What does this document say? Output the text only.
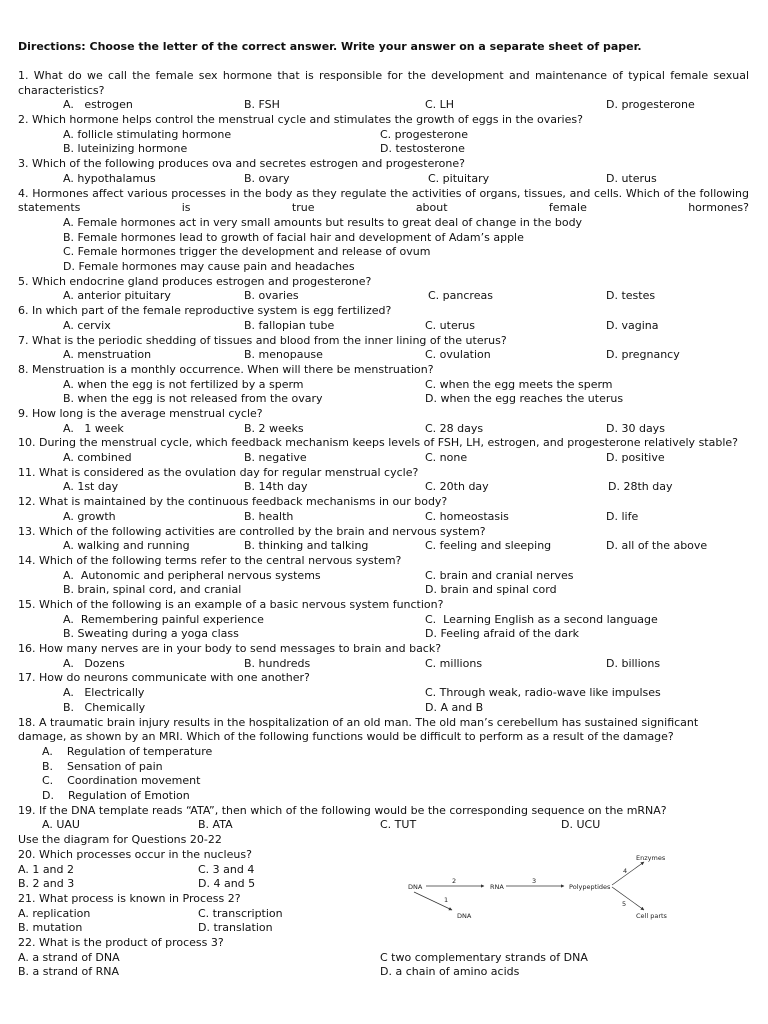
Directions: Choose the letter of the correct answer. Write your answer on a separate sheet of paper.
1. What do we call the female sex hormone that is responsible for the development and maintenance of typical female sexual characteristics?
A.   estrogen	B. FSH	C. LH	D. progesterone
2. Which hormone helps control the menstrual cycle and stimulates the growth of eggs in the ovaries?
A. follicle stimulating hormone	C. progesterone
B. luteinizing hormone	D. testosterone
3. Which of the following produces ova and secretes estrogen and progesterone?
A. hypothalamus	B. ovary	C. pituitary	D. uterus
4. Hormones affect various processes in the body as they regulate the activities of organs, tissues, and cells. Which of the following statements is true about female hormones?
A. Female hormones act in very small amounts but results to great deal of change in the body
B. Female hormones lead to growth of facial hair and development of Adam’s apple
C. Female hormones trigger the development and release of ovum
D. Female hormones may cause pain and headaches
5. Which endocrine gland produces estrogen and progesterone?
A. anterior pituitary	B. ovaries	C. pancreas	D. testes
6. In which part of the female reproductive system is egg fertilized?
A. cervix	B. fallopian tube	C. uterus	D. vagina
7. What is the periodic shedding of tissues and blood from the inner lining of the uterus?
A. menstruation	B. menopause	C. ovulation	D. pregnancy
8. Menstruation is a monthly occurrence. When will there be menstruation?
A. when the egg is not fertilized by a sperm	C. when the egg meets the sperm
B. when the egg is not released from the ovary	D. when the egg reaches the uterus
9. How long is the average menstrual cycle?
A.   1 week	B. 2 weeks	C. 28 days	D. 30 days
10. During the menstrual cycle, which feedback mechanism keeps levels of FSH, LH, estrogen, and progesterone relatively stable?
A. combined	B. negative	C. none	D. positive
11. What is considered as the ovulation day for regular menstrual cycle?
A. 1st day	B. 14th day	C. 20th day	D. 28th day
12. What is maintained by the continuous feedback mechanisms in our body?
A. growth	B. health	C. homeostasis	D. life
13. Which of the following activities are controlled by the brain and nervous system?
A. walking and running	B. thinking and talking	C. feeling and sleeping	D. all of the above
14. Which of the following terms refer to the central nervous system?
A.  Autonomic and peripheral nervous systems	C. brain and cranial nerves
B. brain, spinal cord, and cranial	D. brain and spinal cord
15. Which of the following is an example of a basic nervous system function?
A.  Remembering painful experience	C.  Learning English as a second language
B. Sweating during a yoga class	D. Feeling afraid of the dark
16. How many nerves are in your body to send messages to brain and back?
A.   Dozens	B. hundreds	C. millions	D. billions
17. How do neurons communicate with one another?
A.   Electrically	C. Through weak, radio-wave like impulses
B.   Chemically	D. A and B
18. A traumatic brain injury results in the hospitalization of an old man. The old man’s cerebellum has sustained significant damage, as shown by an MRI. Which of the following functions would be difficult to perform as a result of the damage?
A.    Regulation of temperature
B.    Sensation of pain
C.    Coordination movement
D.    Regulation of Emotion
19. If the DNA template reads “ATA”, then which of the following would be the corresponding sequence on the mRNA?
A. UAU	B. ATA	C. TUT	D. UCU
Use the diagram for Questions 20-22
20. Which processes occur in the nucleus?
A. 1 and 2	C. 3 and 4
B. 2 and 3	D. 4 and 5
21. What process is known in Process 2?
A. replication	C. transcription
B. mutation	D. translation
22. What is the product of process 3?
A. a strand of DNA	C two complementary strands of DNA
B. a strand of RNA	D. a chain of amino acids
DNA
2
RNA
3
Polypeptides
1
DNA
4
Enzymes
5
Cell parts
